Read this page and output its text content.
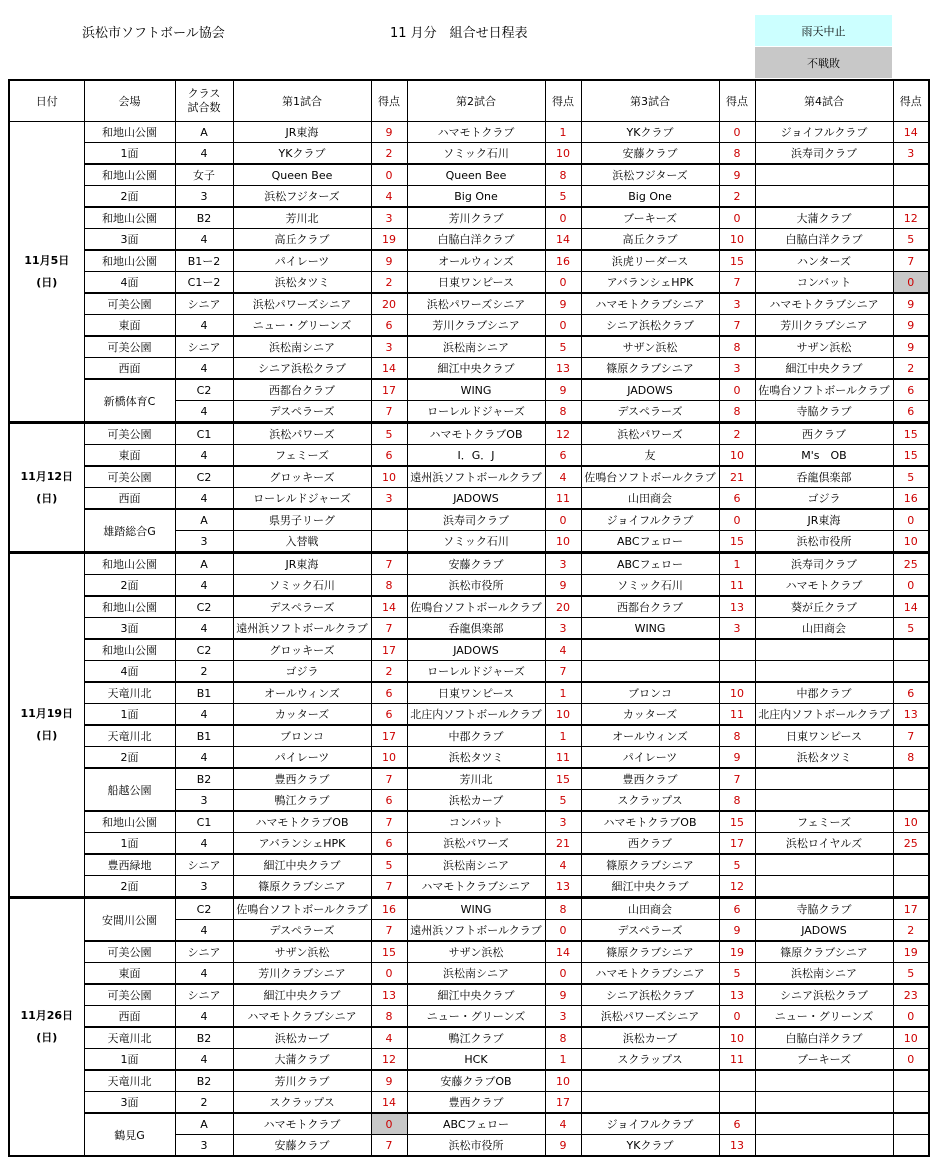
浜松市ソフトボール協会	11 月分　組合せ日程表	雨天中止
不戦敗
日付	会場	クラス
試合数	第1試合	得点	第2試合	得点	第3試合	得点	第4試合	得点
11月5日
(日)	和地山公園	A	JR東海	9	ハマモトクラブ	1	YKクラブ	0	ジョイフルクラブ	14
	1面	4	YKクラブ	2	ソミック石川	10	安藤クラブ	8	浜寿司クラブ	3
	和地山公園	女子	Queen Bee	0	Queen Bee	8	浜松フジターズ	9		
	2面	3	浜松フジターズ	4	Big One	5	Big One	2		
	和地山公園	B2	芳川北	3	芳川クラブ	0	ブーキーズ	0	大蒲クラブ	12
	3面	4	高丘クラブ	19	白脇白洋クラブ	14	高丘クラブ	10	白脇白洋クラブ	5
	和地山公園	B1ー2	パイレーツ	9	オールウィンズ	16	浜虎リーダース	15	ハンターズ	7
	4面	C1ー2	浜松タツミ	2	日東ワンピース	0	アバランシェHPK	7	コンバット	0
	可美公園	シニア	浜松パワーズシニア	20	浜松パワーズシニア	9	ハマモトクラブシニア	3	ハマモトクラブシニア	9
	東面	4	ニュー・グリーンズ	6	芳川クラブシニア	0	シニア浜松クラブ	7	芳川クラブシニア	9
	可美公園	シニア	浜松南シニア	3	浜松南シニア	5	サザン浜松	8	サザン浜松	9
	西面	4	シニア浜松クラブ	14	細江中央クラブ	13	篠原クラブシニア	3	細江中央クラブ	2
	新橋体育C	C2	西都台クラブ	17	WING	9	JADOWS	0	佐鳴台ソフトボールクラブ	6
		4	デスペラーズ	7	ローレルドジャーズ	8	デスペラーズ	8	寺脇クラブ	6
11月12日
(日)	可美公園	C1	浜松パワーズ	5	ハマモトクラブOB	12	浜松パワーズ	2	西クラブ	15
	東面	4	フェミーズ	6	I．G．J	6	友	10	M's　OB	15
	可美公園	C2	グロッキーズ	10	遠州浜ソフトボールクラブ	4	佐鳴台ソフトボールクラブ	21	呑龍倶楽部	5
	西面	4	ローレルドジャーズ	3	JADOWS	11	山田商会	6	ゴジラ	16
	雄踏総合G	A	県男子リーグ		浜寿司クラブ	0	ジョイフルクラブ	0	JR東海	0
		3	入替戦		ソミック石川	10	ABCフェロー	15	浜松市役所	10
11月19日
(日)	和地山公園	A	JR東海	7	安藤クラブ	3	ABCフェロー	1	浜寿司クラブ	25
	2面	4	ソミック石川	8	浜松市役所	9	ソミック石川	11	ハマモトクラブ	0
	和地山公園	C2	デスペラーズ	14	佐鳴台ソフトボールクラブ	20	西都台クラブ	13	葵が丘クラブ	14
	3面	4	遠州浜ソフトボールクラブ	7	呑龍倶楽部	3	WING	3	山田商会	5
	和地山公園	C2	グロッキーズ	17	JADOWS	4				
	4面	2	ゴジラ	2	ローレルドジャーズ	7				
	天竜川北	B1	オールウィンズ	6	日東ワンピース	1	ブロンコ	10	中郡クラブ	6
	1面	4	カッターズ	6	北庄内ソフトボールクラブ	10	カッターズ	11	北庄内ソフトボールクラブ	13
	天竜川北	B1	ブロンコ	17	中郡クラブ	1	オールウィンズ	8	日東ワンピース	7
	2面	4	パイレーツ	10	浜松タツミ	11	パイレーツ	9	浜松タツミ	8
	船越公園	B2	豊西クラブ	7	芳川北	15	豊西クラブ	7		
		3	鴨江クラブ	6	浜松カーブ	5	スクラップス	8		
	和地山公園	C1	ハマモトクラブOB	7	コンバット	3	ハマモトクラブOB	15	フェミーズ	10
	1面	4	アバランシェHPK	6	浜松パワーズ	21	西クラブ	17	浜松ロイヤルズ	25
	豊西緑地	シニア	細江中央クラブ	5	浜松南シニア	4	篠原クラブシニア	5		
	2面	3	篠原クラブシニア	7	ハマモトクラブシニア	13	細江中央クラブ	12		
11月26日
(日)	安間川公園	C2	佐鳴台ソフトボールクラブ	16	WING	8	山田商会	6	寺脇クラブ	17
		4	デスペラーズ	7	遠州浜ソフトボールクラブ	0	デスペラーズ	9	JADOWS	2
	可美公園	シニア	サザン浜松	15	サザン浜松	14	篠原クラブシニア	19	篠原クラブシニア	19
	東面	4	芳川クラブシニア	0	浜松南シニア	0	ハマモトクラブシニア	5	浜松南シニア	5
	可美公園	シニア	細江中央クラブ	13	細江中央クラブ	9	シニア浜松クラブ	13	シニア浜松クラブ	23
	西面	4	ハマモトクラブシニア	8	ニュー・グリーンズ	3	浜松パワーズシニア	0	ニュー・グリーンズ	0
	天竜川北	B2	浜松カーブ	4	鴨江クラブ	8	浜松カーブ	10	白脇白洋クラブ	10
	1面	4	大蒲クラブ	12	HCK	1	スクラップス	11	ブーキーズ	0
	天竜川北	B2	芳川クラブ	9	安藤クラブOB	10				
	3面	2	スクラップス	14	豊西クラブ	17				
	鶴見G	A	ハマモトクラブ	0	ABCフェロー	4	ジョイフルクラブ	6		
		3	安藤クラブ	7	浜松市役所	9	YKクラブ	13		
